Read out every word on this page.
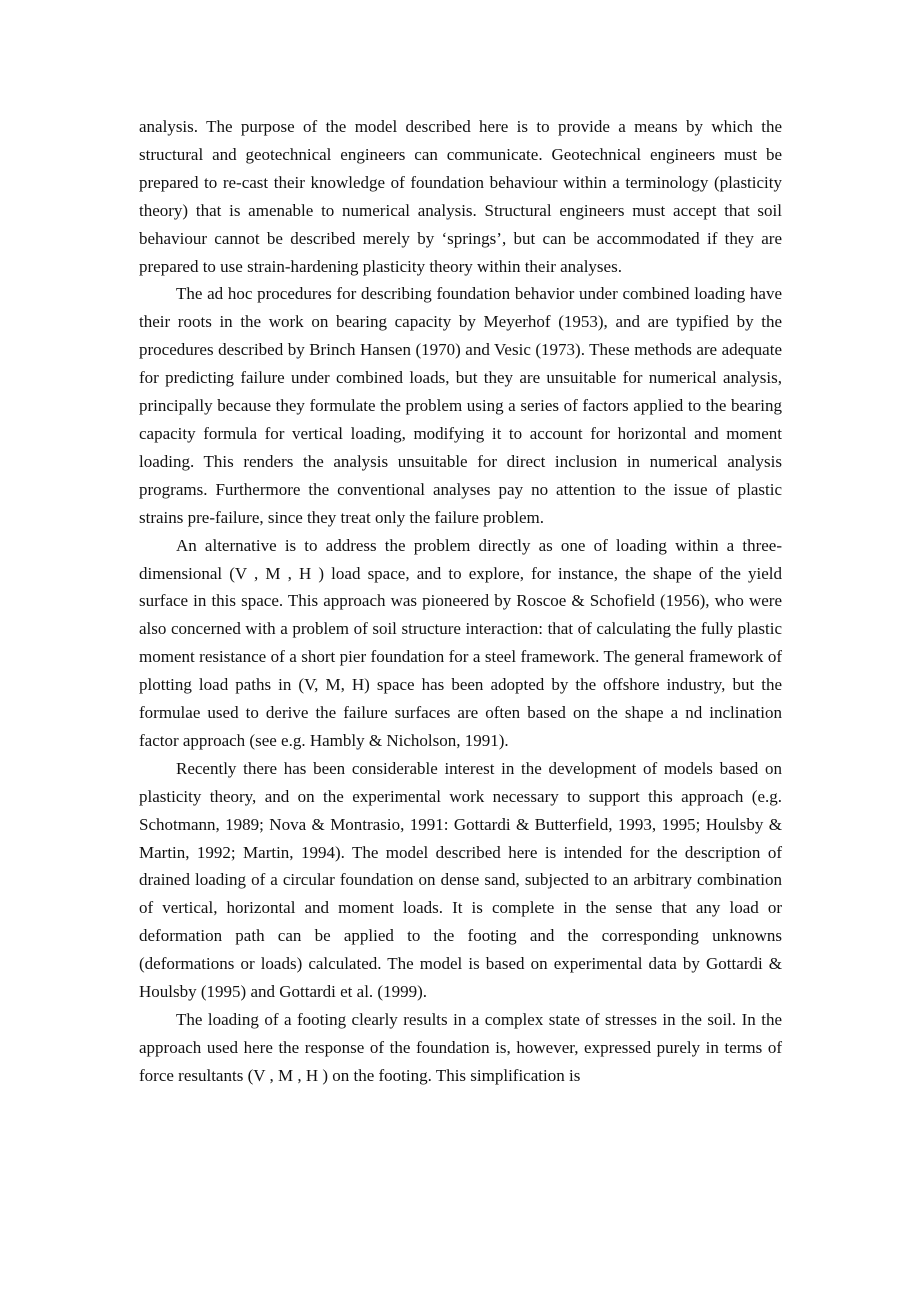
analysis. The purpose of the model described here is to provide a means by which the structural and geotechnical engineers can communicate. Geotechnical engineers must be prepared to re-cast their knowledge of foundation behaviour within a terminology (plasticity theory) that is amenable to numerical analysis. Structural engineers must accept that soil behaviour cannot be described merely by ‘springs’, but can be accommodated if they are prepared to use strain-hardening plasticity theory within their analyses.

The ad hoc procedures for describing foundation behavior under combined loading have their roots in the work on bearing capacity by Meyerhof (1953), and are typified by the procedures described by Brinch Hansen (1970) and Vesic (1973). These methods are adequate for predicting failure under combined loads, but they are unsuitable for numerical analysis, principally because they formulate the problem using a series of factors applied to the bearing capacity formula for vertical loading, modifying it to account for horizontal and moment loading. This renders the analysis unsuitable for direct inclusion in numerical analysis programs. Furthermore the conventional analyses pay no attention to the issue of plastic strains pre-failure, since they treat only the failure problem.

An alternative is to address the problem directly as one of loading within a three-dimensional (V , M , H ) load space, and to explore, for instance, the shape of the yield surface in this space. This approach was pioneered by Roscoe & Schofield (1956), who were also concerned with a problem of soil structure interaction: that of calculating the fully plastic moment resistance of a short pier foundation for a steel framework. The general framework of plotting load paths in (V, M, H) space has been adopted by the offshore industry, but the formulae used to derive the failure surfaces are often based on the shape a nd inclination factor approach (see e.g. Hambly & Nicholson, 1991).

Recently there has been considerable interest in the development of models based on plasticity theory, and on the experimental work necessary to support this approach (e.g. Schotmann, 1989; Nova & Montrasio, 1991: Gottardi & Butterfield, 1993, 1995; Houlsby & Martin, 1992; Martin, 1994). The model described here is intended for the description of drained loading of a circular foundation on dense sand, subjected to an arbitrary combination of vertical, horizontal and moment loads. It is complete in the sense that any load or deformation path can be applied to the footing and the corresponding unknowns (deformations or loads) calculated. The model is based on experimental data by Gottardi & Houlsby (1995) and Gottardi et al. (1999).

The loading of a footing clearly results in a complex state of stresses in the soil. In the approach used here the response of the foundation is, however, expressed purely in terms of force resultants (V , M , H ) on the footing. This simplification is
